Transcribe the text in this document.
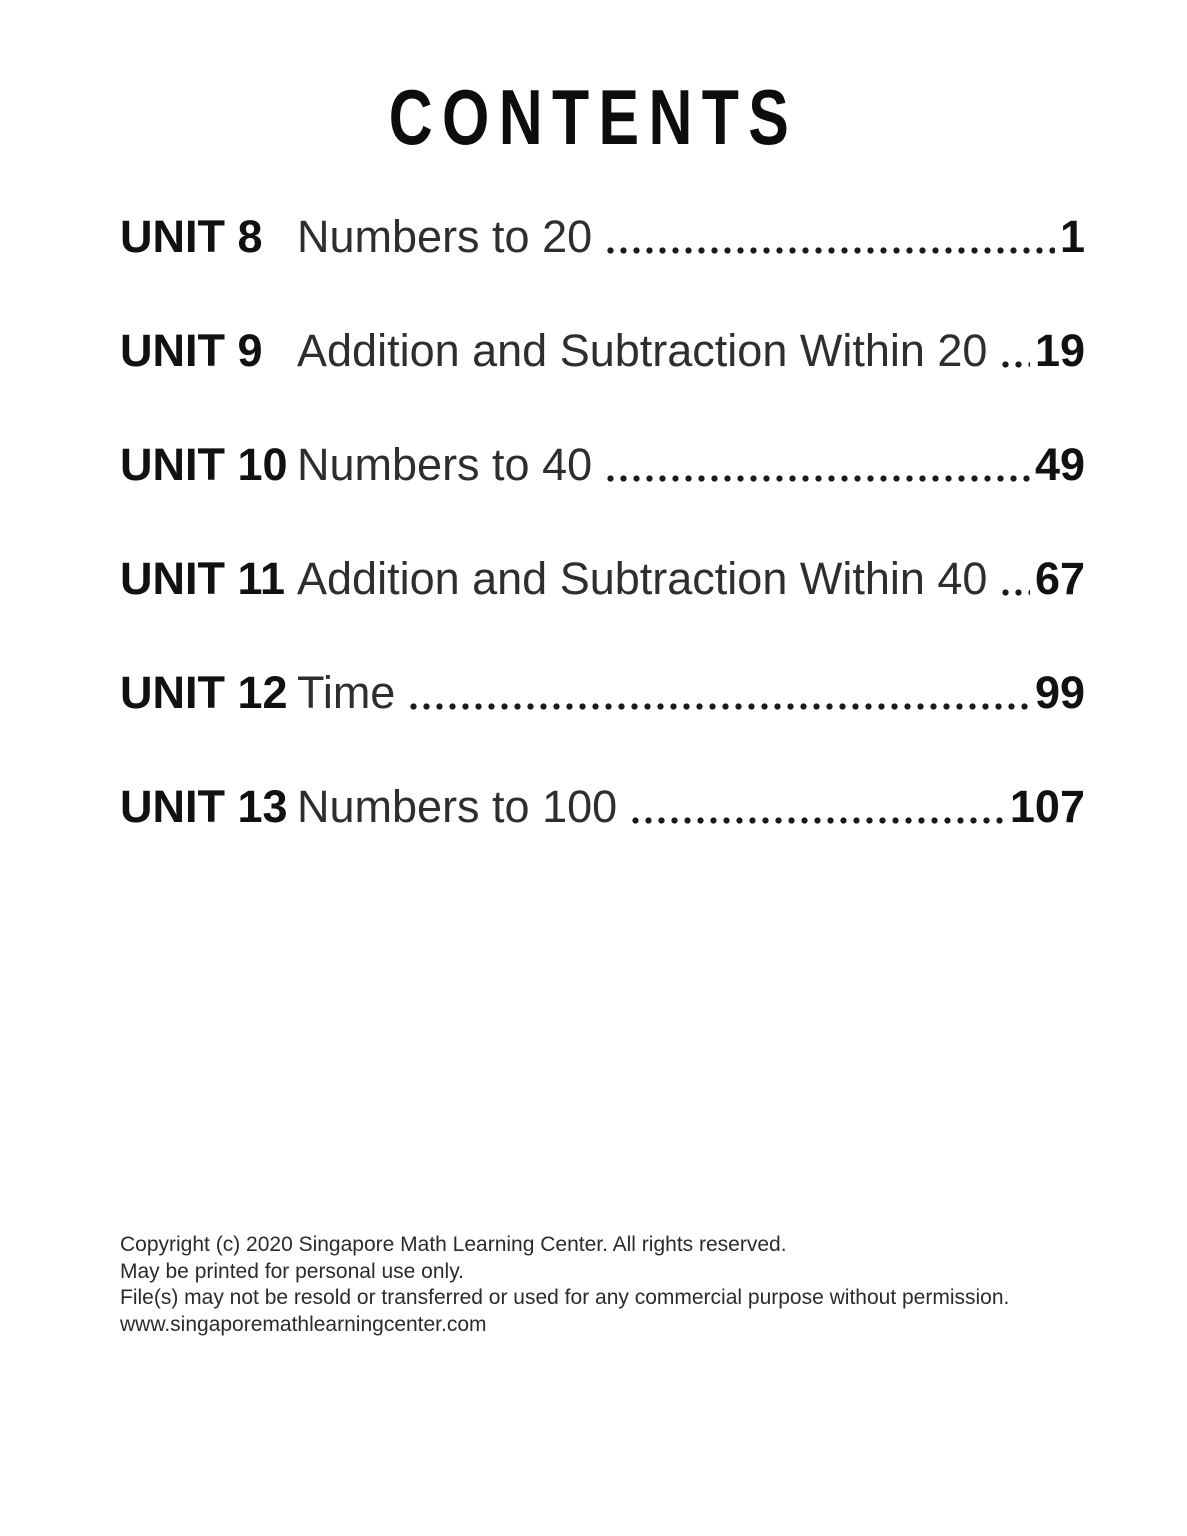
CONTENTS
UNIT 8 Numbers to 20	1
UNIT 9 Addition and Subtraction Within 20 19
UNIT 10 Numbers to 40	49
UNIT 11 Addition and Subtraction Within 40 67
UNIT 12 Time	99
UNIT 13 Numbers to 100	107
Copyright (c) 2020 Singapore Math Learning Center. All rights reserved.
May be printed for personal use only.
File(s) may not be resold or transferred or used for any commercial purpose without permission.
www.singaporemathlearningcenter.com
